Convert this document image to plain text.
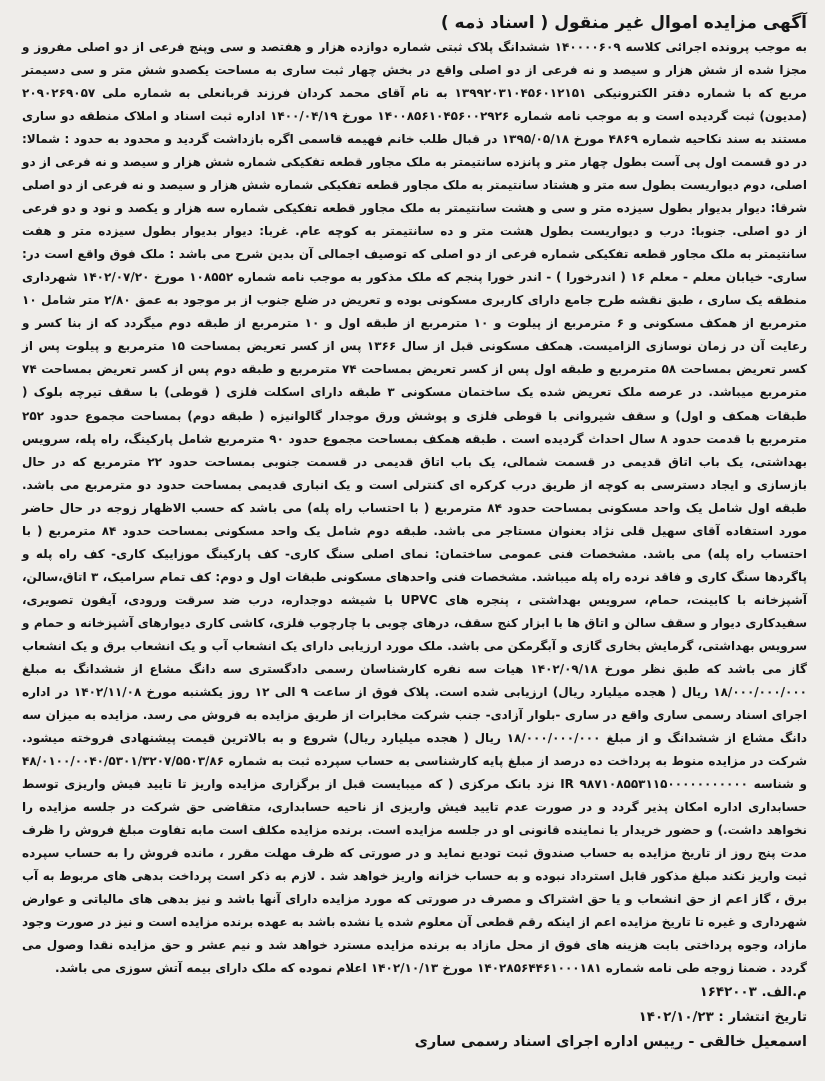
آگهی مزایده اموال غیر منقول ( اسناد ذمه )

به موجب پرونده اجرائی کلاسه ۱۴۰۰۰۰۶۰۹ ششدانگ پلاک ثبتی شماره دوازده هزار و هفتصد و سی وپنج فرعی از دو اصلی مفروز و مجزا شده از شش هزار و سیصد و نه فرعی از دو اصلی واقع در بخش چهار ثبت ساری به مساحت یکصدو شش متر و سی دسیمتر مربع که با شماره دفتر الکترونیکی ۱۳۹۹۲۰۳۱۰۴۵۶۰۱۲۱۵۱ به نام آقای محمد کردان فرزند قربانعلی به شماره ملی ۲۰۹۰۲۶۹۰۵۷ (مدیون) ثبت گردیده است و به موجب نامه شماره ۱۴۰۰۸۵۶۱۰۴۵۶۰۰۲۹۲۶ مورخ ۱۴۰۰/۰۴/۱۹ اداره ثبت اسناد و املاک منطقه دو ساری مستند به سند نکاحیه شماره ۴۸۶۹ مورخ ۱۳۹۵/۰۵/۱۸ در قبال طلب خانم فهیمه قاسمی اگره بازداشت گردید و محدود به حدود : شمالا: در دو قسمت اول پی آست بطول چهار متر و پانزده سانتیمتر به ملک مجاور قطعه تفکیکی شماره شش هزار و سیصد و نه فرعی از دو اصلی، دوم دیواریست بطول سه متر و هشتاد سانتیمتر به ملک مجاور قطعه تفکیکی شماره شش هزار و سیصد و نه فرعی از دو اصلی شرقا: دیوار بدیوار بطول سیزده متر و سی و هشت سانتیمتر به ملک مجاور قطعه تفکیکی شماره سه هزار و یکصد و نود و دو فرعی از دو اصلی. جنوبا: درب و دیواریست بطول هشت متر و ده سانتیمتر به کوچه عام. غربا: دیوار بدیوار بطول سیزده متر و هفت سانتیمتر به ملک مجاور قطعه تفکیکی شماره فرعی از دو اصلی که توصیف اجمالی آن بدین شرح می باشد : ملک فوق واقع است در: ساری- خیابان معلم - معلم ۱۶ ( اندرخورا ) - اندر خورا پنجم که ملک مذکور به موجب نامه شماره ۱۰۸۵۵۲ مورخ ۱۴۰۲/۰۷/۲۰ شهرداری منطقه یک ساری ، طبق نقشه طرح جامع دارای کاربری مسکونی بوده و تعریض در ضلع جنوب از بر موجود به عمق ۲/۸۰ متر شامل ۱۰ مترمربع از همکف مسکونی و ۶ مترمربع از پیلوت و ۱۰ مترمربع از طبقه اول و ۱۰ مترمربع از طبقه دوم میگردد که از بنا کسر و رعایت آن در زمان نوسازی الزامیست. همکف مسکونی قبل از سال ۱۳۶۶ پس از کسر تعریض بمساحت ۱۵ مترمربع و پیلوت پس از کسر تعریض بمساحت ۵۸ مترمربع و طبقه اول پس از کسر تعریض بمساحت ۷۴ مترمربع و طبقه دوم پس از کسر تعریض بمساحت ۷۴ مترمربع میباشد. در عرصه ملک تعریض شده یک ساختمان مسکونی ۳ طبقه دارای اسکلت فلزی ( قوطی) با سقف تیرچه بلوک ( طبقات همکف و اول) و سقف شیروانی با قوطی فلزی و پوشش ورق موجدار گالوانیزه ( طبقه دوم) بمساحت مجموع حدود ۲۵۲ مترمربع با قدمت حدود ۸ سال احداث گردیده است . طبقه همکف بمساحت مجموع حدود ۹۰ مترمربع شامل پارکینگ، راه پله، سرویس بهداشتی، یک باب اتاق قدیمی در قسمت شمالی، یک باب اتاق قدیمی در قسمت جنوبی بمساحت حدود ۲۲ مترمربع که در حال بازسازی و ایجاد دسترسی به کوچه از طریق درب کرکره ای کنترلی است و یک انباری قدیمی بمساحت حدود دو مترمربع می باشد. طبقه اول شامل یک واحد مسکونی بمساحت حدود ۸۴ مترمربع ( با احتساب راه پله) می باشد که حسب الاظهار زوجه در حال حاضر مورد استفاده آقای سهیل قلی نژاد بعنوان مستاجر می باشد. طبقه دوم شامل یک واحد مسکونی بمساحت حدود ۸۴ مترمربع ( با احتساب راه پله) می باشد. مشخصات فنی عمومی ساختمان: نمای اصلی سنگ کاری- کف پارکینگ موزاییک کاری- کف راه پله و پاگردها سنگ کاری و فاقد نرده راه پله میباشد. مشخصات فنی واحدهای مسکونی طبقات اول و دوم: کف تمام سرامیک، ۳ اتاق،سالن، آشپزخانه با کابینت، حمام، سرویس بهداشتی ، پنجره های UPVC با شیشه دوجداره، درب ضد سرقت ورودی، آیفون تصویری، سفیدکاری دیوار و سقف سالن و اتاق ها با ابزار کنج سقف، درهای چوبی با چارچوب فلزی، کاشی کاری دیوارهای آشپزخانه و حمام و سرویس بهداشتی، گرمایش بخاری گازی و آبگرمکن می باشد. ملک مورد ارزیابی دارای یک انشعاب آب و یک انشعاب برق و یک انشعاب گاز می باشد که طبق نظر مورخ ۱۴۰۲/۰۹/۱۸ هیات سه نفره کارشناسان رسمی دادگستری سه دانگ مشاع از ششدانگ به مبلغ ۱۸/۰۰۰/۰۰۰/۰۰۰ ریال ( هجده میلیارد ریال) ارزیابی شده است. پلاک فوق از ساعت ۹ الی ۱۲ روز یکشنبه مورخ ۱۴۰۲/۱۱/۰۸ در اداره اجرای اسناد رسمی ساری واقع در ساری -بلوار آزادی- جنب شرکت مخابرات از طریق مزایده به فروش می رسد. مزایده به میزان سه دانگ مشاع از ششدانگ و از مبلغ ۱۸/۰۰۰/۰۰۰/۰۰۰ ریال ( هجده میلیارد ریال) شروع و به بالاترین قیمت پیشنهادی فروخته میشود. شرکت در مزایده منوط به پرداخت ده درصد از مبلغ پایه کارشناسی به حساب سپرده ثبت به شماره ۴۸/۰۱۰۰/۰۰۴۰/۵۳۰۱/۳۲۰۷/۵۵۰۳/۸۶ و شناسه IR ۹۸۷۱۰۸۵۵۳۱۱۵۰۰۰۰۰۰۰۰۰۰۰ نزد بانک مرکزی ( که میبایست قبل از برگزاری مزایده واریز تا تایید فیش واریزی توسط حسابداری اداره امکان پذیر گردد و در صورت عدم تایید فیش واریزی از ناحیه حسابداری، متقاضی حق شرکت در جلسه مزایده را نخواهد داشت.) و حضور خریدار یا نماینده قانونی او در جلسه مزایده است. برنده مزایده مکلف است مابه تفاوت مبلغ فروش را ظرف مدت پنج روز از تاریخ مزایده به حساب صندوق ثبت تودیع نماید و در صورتی که ظرف مهلت مقرر ، مانده فروش را به حساب سپرده ثبت واریز نکند مبلغ مذکور قابل استرداد نبوده و به حساب خزانه واریز خواهد شد . لازم به ذکر است پرداخت بدهی های مربوط به آب برق ، گاز اعم از حق انشعاب و یا حق اشتراک و مصرف در صورتی که مورد مزایده دارای آنها باشد و نیز بدهی های مالیاتی و عوارض شهرداری و غیره تا تاریخ مزایده اعم از اینکه رقم قطعی آن معلوم شده یا نشده باشد به عهده برنده مزایده است و نیز در صورت وجود مازاد، وجوه پرداختی بابت هزینه های فوق از محل مازاد به برنده مزایده مسترد خواهد شد و نیم عشر و حق مزایده نقدا وصول می گردد . ضمنا زوجه طی نامه شماره ۱۴۰۲۸۵۶۴۴۶۱۰۰۰۱۸۱ مورخ ۱۴۰۲/۱۰/۱۳ اعلام نموده که ملک دارای بیمه آتش سوزی می باشد.

م.الف. ۱۶۴۲۰۰۳
تاریخ انتشار : ۱۴۰۲/۱۰/۲۳
اسمعیل خالقی - رییس اداره اجرای اسناد رسمی ساری
